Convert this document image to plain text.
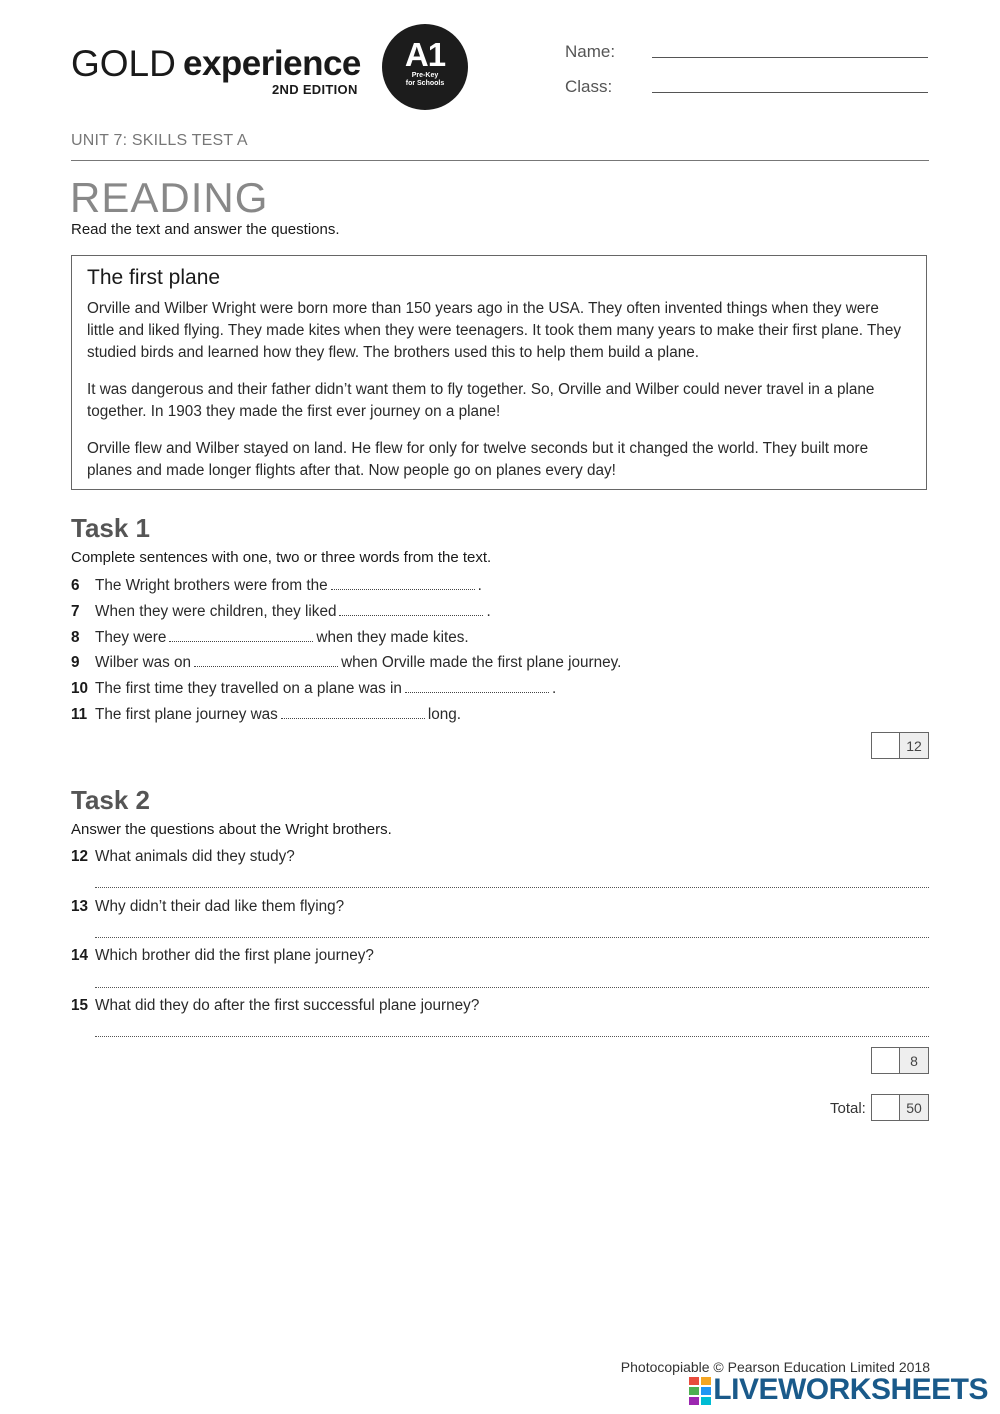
GOLD experience
2ND EDITION
A1
Pre-Key
for Schools
Name:
Class:
UNIT 7: SKILLS TEST A
READING
Read the text and answer the questions.
The first plane
Orville and Wilber Wright were born more than 150 years ago in the USA. They often invented things when they were little and liked flying. They made kites when they were teenagers. It took them many years to make their first plane. They studied birds and learned how they flew. The brothers used this to help them build a plane.
It was dangerous and their father didn’t want them to fly together. So, Orville and Wilber could never travel in a plane together. In 1903 they made the first ever journey on a plane!
Orville flew and Wilber stayed on land. He flew for only for twelve seconds but it changed the world. They built more planes and made longer flights after that. Now people go on planes every day!
Task 1
Complete sentences with one, two or three words from the text.
6 The Wright brothers were from the	.
7 When they were children, they liked	.
8 They were	when they made kites.
9 Wilber was on	when Orville made the first plane journey.
10 The first time they travelled on a plane was in	.
11 The first plane journey was	long.
12
Task 2
Answer the questions about the Wright brothers.
12 What animals did they study?
13 Why didn’t their dad like them flying?
14 Which brother did the first plane journey?
15 What did they do after the first successful plane journey?
8
Total:	50
Photocopiable © Pearson Education Limited 2018
LIVEWORKSHEETS
